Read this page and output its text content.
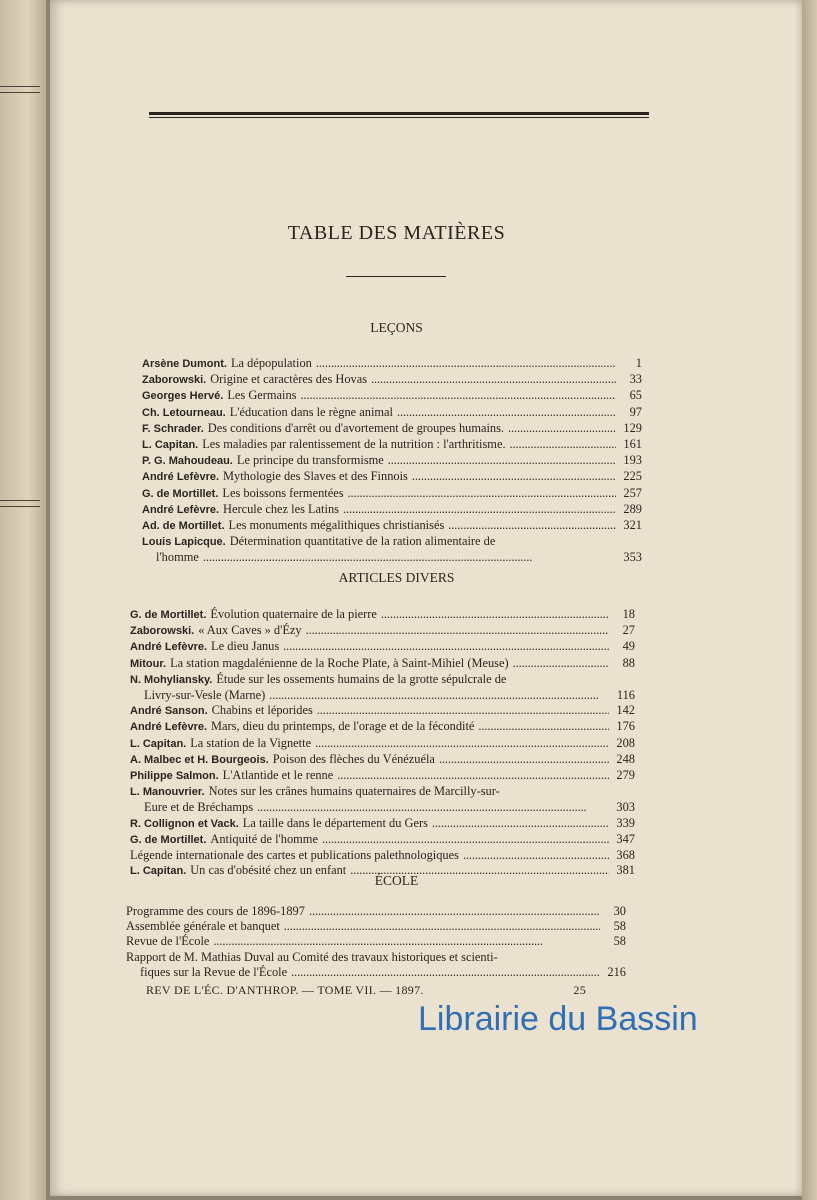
TABLE DES MATIÈRES
LEÇONS
Arsène Dumont. La dépopulation . . .	1
Zaborowski. Origine et caractères des Hovas . . .	33
Georges Hervé. Les Germains . . .	65
Ch. Letourneau. L'éducation dans le règne animal . . .	97
F. Schrader. Des conditions d'arrêt ou d'avortement de groupes humains. . . .	129
L. Capitan. Les maladies par ralentissement de la nutrition : l'arthritisme. . . .	161
P. G. Mahoudeau. Le principe du transformisme . . .	193
André Lefèvre. Mythologie des Slaves et des Finnois . . .	225
G. de Mortillet. Les boissons fermentées . . .	257
André Lefèvre. Hercule chez les Latins . . .	289
Ad. de Mortillet. Les monuments mégalithiques christianisés . . .	321
Louis Lapicque. Détermination quantitative de la ration alimentaire de
l'homme . . .	353
ARTICLES DIVERS
G. de Mortillet. Évolution quaternaire de la pierre . . .	18
Zaborowski. « Aux Caves » d'Ézy . . .	27
André Lefèvre. Le dieu Janus . . .	49
Mitour. La station magdalénienne de la Roche Plate, à Saint-Mihiel (Meuse) . . .	88
N. Mohyliansky. Étude sur les ossements humains de la grotte sépulcrale de
Livry-sur-Vesle (Marne) . . .	116
André Sanson. Chabins et léporides . . .	142
André Lefèvre. Mars, dieu du printemps, de l'orage et de la fécondité . . .	176
L. Capitan. La station de la Vignette . . .	208
A. Malbec et H. Bourgeois. Poison des flèches du Vénézuéla . . .	248
Philippe Salmon. L'Atlantide et le renne . . .	279
L. Manouvrier. Notes sur les crânes humains quaternaires de Marcilly-sur-
Eure et de Bréchamps . . .	303
R. Collignon et Vack. La taille dans le département du Gers . . .	339
G. de Mortillet. Antiquité de l'homme . . .	347
Légende internationale des cartes et publications palethnologiques . . .	368
L. Capitan. Un cas d'obésité chez un enfant . . .	381
ÉCOLE
Programme des cours de 1896-1897 . . .	30
Assemblée générale et banquet . . .	58
Revue de l'École . . .	58
Rapport de M. Mathias Duval au Comité des travaux historiques et scienti-
fiques sur la Revue de l'École . . .	216
REV DE L'ÉC. D'ANTHROP. — TOME VII. — 1897.	25
Librairie du Bassin
